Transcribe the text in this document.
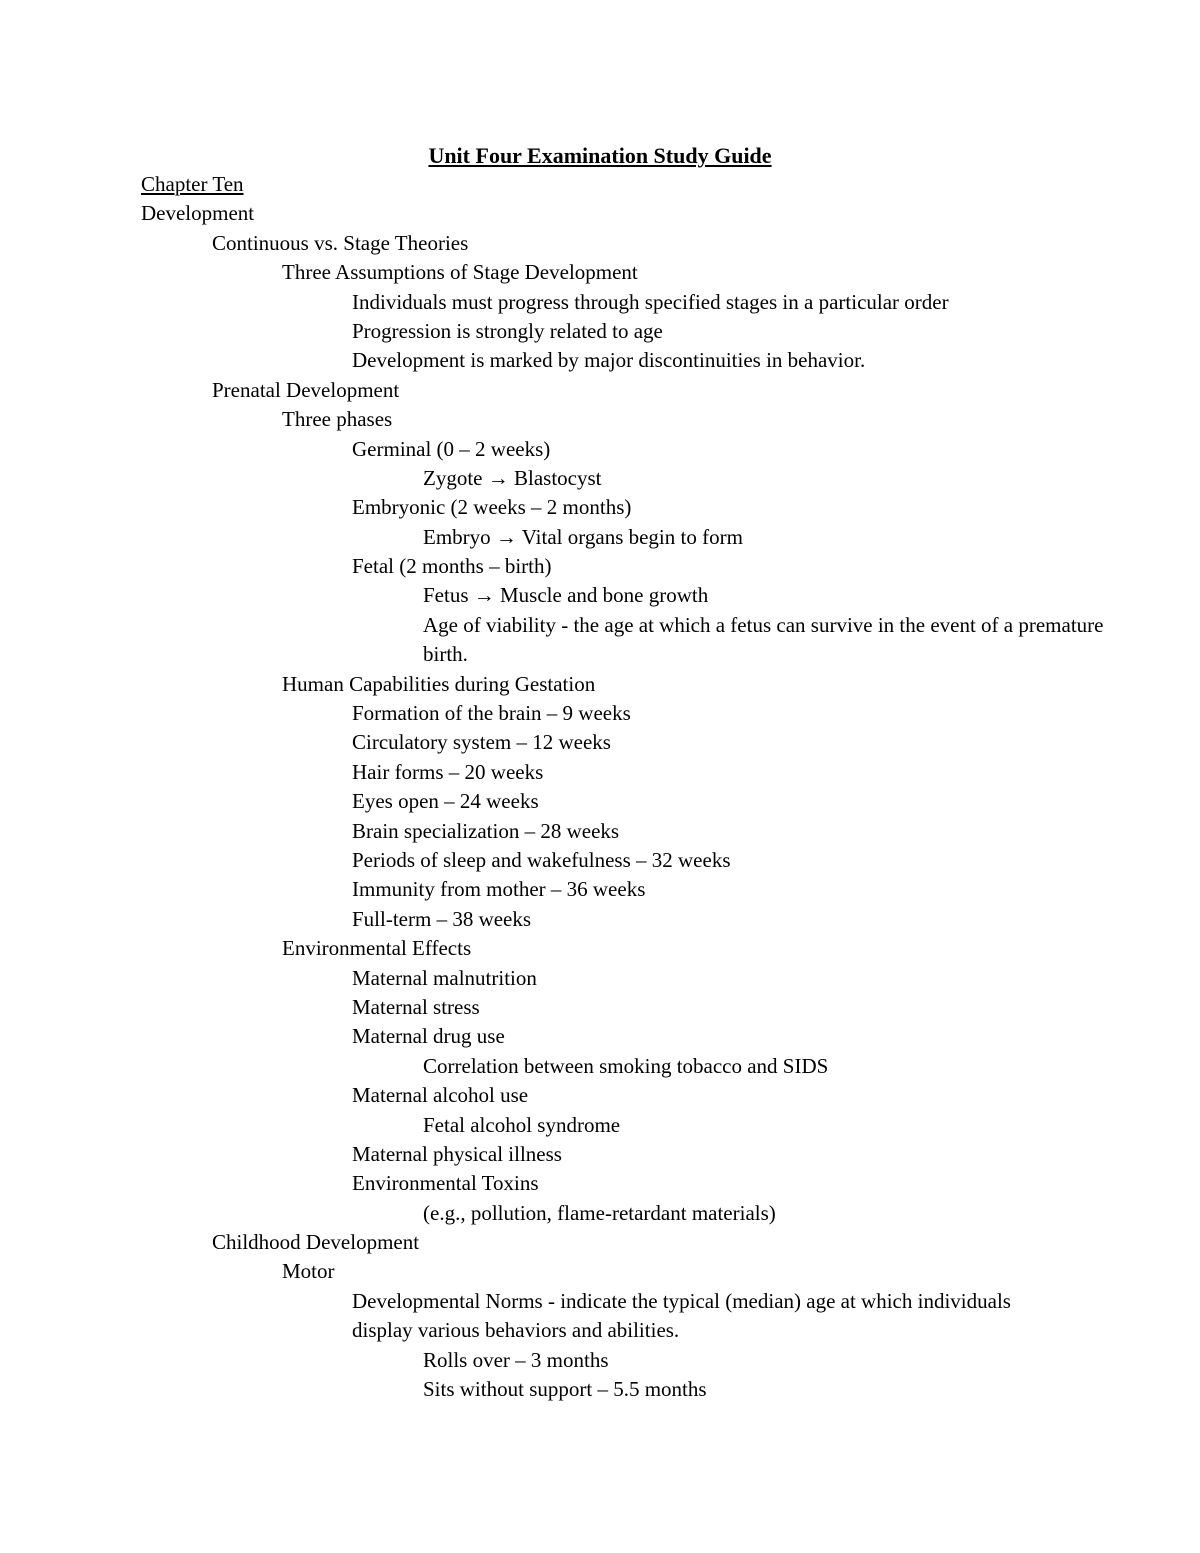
Unit Four Examination Study Guide
Chapter Ten
Development
Continuous vs. Stage Theories
Three Assumptions of Stage Development
Individuals must progress through specified stages in a particular order
Progression is strongly related to age
Development is marked by major discontinuities in behavior.
Prenatal Development
Three phases
Germinal (0 – 2 weeks)
Zygote → Blastocyst
Embryonic (2 weeks – 2 months)
Embryo → Vital organs begin to form
Fetal (2 months – birth)
Fetus → Muscle and bone growth
Age of viability - the age at which a fetus can survive in the event of a premature birth.
Human Capabilities during Gestation
Formation of the brain – 9 weeks
Circulatory system – 12 weeks
Hair forms – 20 weeks
Eyes open – 24 weeks
Brain specialization – 28 weeks
Periods of sleep and wakefulness – 32 weeks
Immunity from mother – 36 weeks
Full-term – 38 weeks
Environmental Effects
Maternal malnutrition
Maternal stress
Maternal drug use
Correlation between smoking tobacco and SIDS
Maternal alcohol use
Fetal alcohol syndrome
Maternal physical illness
Environmental Toxins
(e.g., pollution, flame-retardant materials)
Childhood Development
Motor
Developmental Norms - indicate the typical (median) age at which individuals display various behaviors and abilities.
Rolls over – 3 months
Sits without support – 5.5 months
